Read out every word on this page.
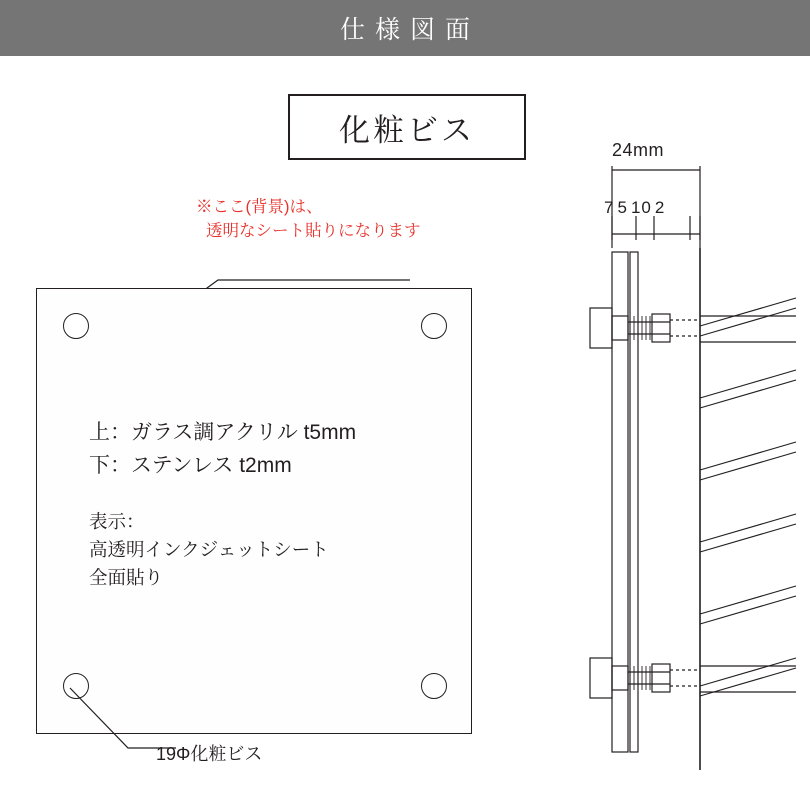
仕様図面
化粧ビス
※ここ(背景)は、
透明なシート貼りになります
上：ガラス調アクリル t5mm
下：ステンレス t2mm
表示：
高透明インクジェットシート
全面貼り
19Φ化粧ビス
24mm
7 5 10 2
